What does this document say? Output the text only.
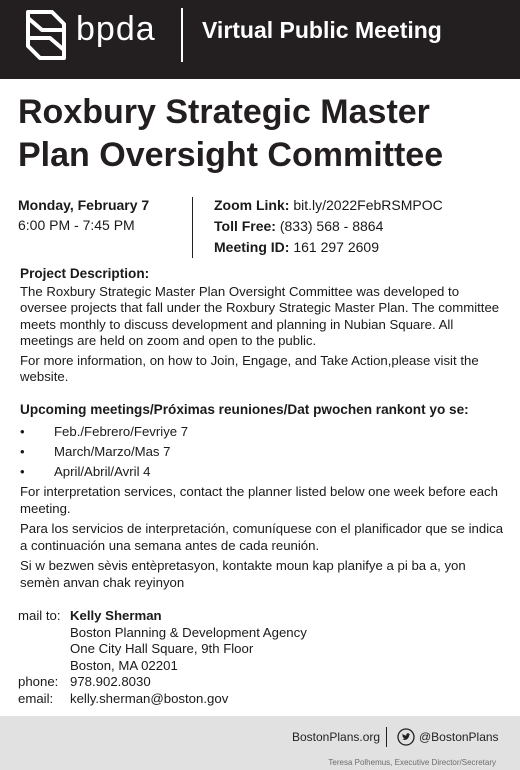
bpda Virtual Public Meeting
Roxbury Strategic Master
Plan Oversight Committee
Monday, February 7
6:00 PM - 7:45 PM
Zoom Link: bit.ly/2022FebRSMPOC
Toll Free: (833) 568 - 8864
Meeting ID: 161 297 2609
Project Description:
The Roxbury Strategic Master Plan Oversight Committee was developed to oversee projects that fall under the Roxbury Strategic Master Plan. The committee meets monthly to discuss development and planning in Nubian Square. All meetings are held on zoom and open to the public.
For more information, on how to Join, Engage, and Take Action,please visit the website.
Upcoming meetings/Próximas reuniones/Dat pwochen rankont yo se:
• Feb./Febrero/Fevriye 7
• March/Marzo/Mas 7
• April/Abril/Avril 4
For interpretation services, contact the planner listed below one week before each meeting.
Para los servicios de interpretación, comuníquese con el planificador que se indica a continuación una semana antes de cada reunión.
Si w bezwen sèvis entèpretasyon, kontakte moun kap planifye a pi ba a, yon semèn anvan chak reyinyon
mail to: Kelly Sherman
Boston Planning & Development Agency
One City Hall Square, 9th Floor
Boston, MA 02201
phone: 978.902.8030
email:	kelly.sherman@boston.gov
BostonPlans.org	@BostonPlans
Teresa Polhemus, Executive Director/Secretary
